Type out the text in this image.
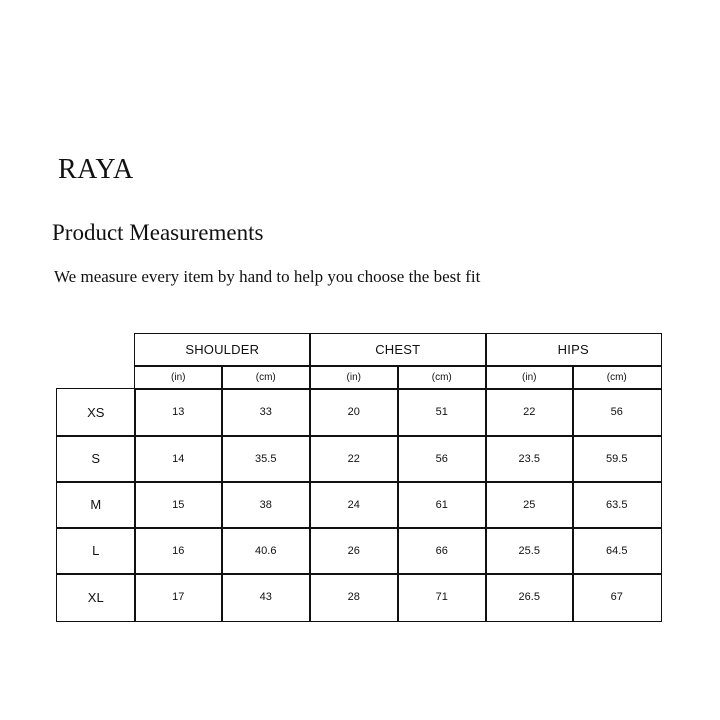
RAYA
Product Measurements
We measure every item by hand to help you choose the best fit
SHOULDER	CHEST	HIPS
(in)	(cm)	(in)	(cm)	(in)	(cm)
XS	13	33	20	51	22	56
S	14	35.5	22	56	23.5	59.5
M	15	38	24	61	25	63.5
L	16	40.6	26	66	25.5	64.5
XL	17	43	28	71	26.5	67
